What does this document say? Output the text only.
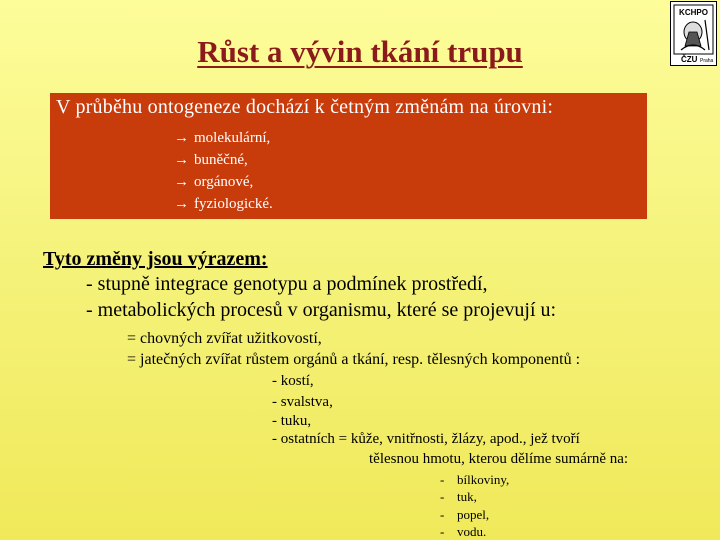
Růst a vývin tkání trupu
KCHPO
ČZU Praha
V průběhu ontogeneze dochází k četným změnám na úrovni:
→ molekulární,
→ buněčné,
→ orgánové,
→ fyziologické.
Tyto změny jsou výrazem:
- stupně integrace genotypu a podmínek prostředí,
- metabolických procesů v organismu, které se projevují u:
= chovných zvířat užitkovostí,
= jatečných zvířat růstem orgánů a tkání, resp. tělesných komponentů :
- kostí,
- svalstva,
- tuku,
- ostatních = kůže, vnitřnosti, žlázy, apod., jež tvoří
tělesnou hmotu, kterou dělíme sumárně na:
- bílkoviny,
- tuk,
- popel,
- vodu.
